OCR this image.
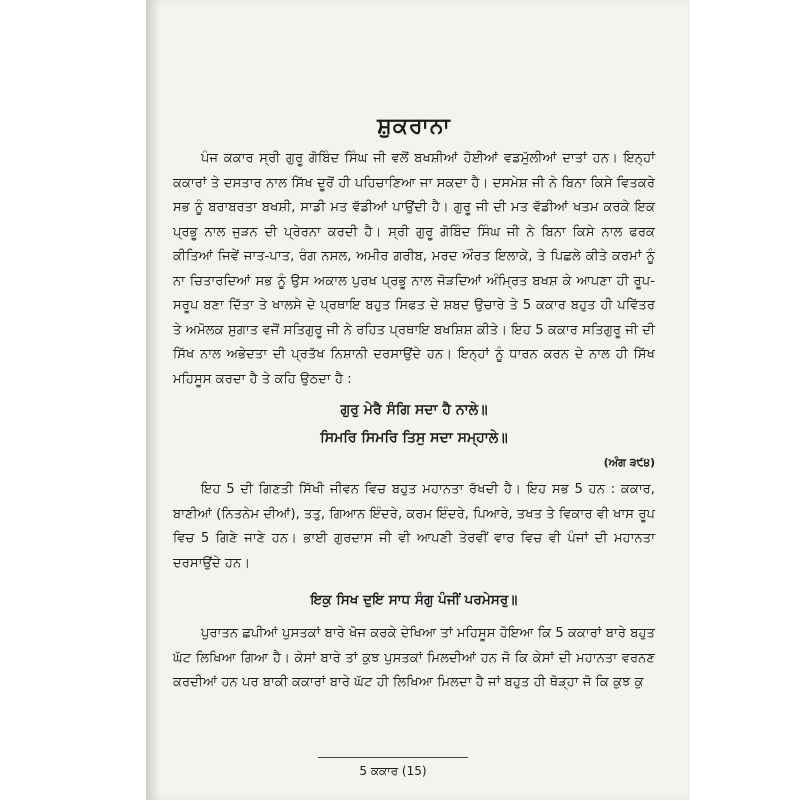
ਸ਼ੁਕਰਾਨਾ

ਪੰਜ ਕਕਾਰ ਸ੍ਰੀ ਗੁਰੂ ਗੋਬਿੰਦ ਸਿੰਘ ਜੀ ਵਲੋਂ ਬਖਸ਼ੀਆਂ ਹੋਈਆਂ ਵਡਮੁੱਲੀਆਂ ਦਾਤਾਂ ਹਨ। ਇਨ੍ਹਾਂ ਕਕਾਰਾਂ ਤੇ ਦਸਤਾਰ ਨਾਲ ਸਿੱਖ ਦੂਰੋਂ ਹੀ ਪਹਿਚਾਣਿਆ ਜਾ ਸਕਦਾ ਹੈ। ਦਸਮੇਸ਼ ਜੀ ਨੇ ਬਿਨਾ ਕਿਸੇ ਵਿਤਕਰੇ ਸਭ ਨੂੰ ਬਰਾਬਰਤਾ ਬਖਸ਼ੀ, ਸਾਡੀ ਮਤ ਵੱਡੀਆਂ ਪਾਉਂਦੀ ਹੈ। ਗੁਰੂ ਜੀ ਦੀ ਮਤ ਵੱਡੀਆਂ ਖਤਮ ਕਰਕੇ ਇਕ ਪ੍ਰਭੂ ਨਾਲ ਜੁੜਨ ਦੀ ਪ੍ਰੇਰਨਾ ਕਰਦੀ ਹੈ। ਸ੍ਰੀ ਗੁਰੂ ਗੋਬਿੰਦ ਸਿੰਘ ਜੀ ਨੇ ਬਿਨਾ ਕਿਸੇ ਨਾਲ ਫਰਕ ਕੀਤਿਆਂ ਜਿਵੇਂ ਜਾਤ-ਪਾਤ, ਰੰਗ ਨਸਲ, ਅਮੀਰ ਗਰੀਬ, ਮਰਦ ਔਰਤ ਇਲਾਕੇ, ਤੇ ਪਿਛਲੇ ਕੀਤੇ ਕਰਮਾਂ ਨੂੰ ਨਾ ਚਿਤਾਰਦਿਆਂ ਸਭ ਨੂੰ ਉਸ ਅਕਾਲ ਪੁਰਖ ਪ੍ਰਭੂ ਨਾਲ ਜੋੜਦਿਆਂ ਅੰਮ੍ਰਿਤ ਬਖਸ਼ ਕੇ ਆਪਣਾ ਹੀ ਰੂਪ-ਸਰੂਪ ਬਣਾ ਦਿੱਤਾ ਤੇ ਖਾਲਸੇ ਦੇ ਪ੍ਰਥਾਇ ਬਹੁਤ ਸਿਫਤ ਦੇ ਸ਼ਬਦ ਉਚਾਰੇ ਤੇ 5 ਕਕਾਰ ਬਹੁਤ ਹੀ ਪਵਿੱਤਰ ਤੇ ਅਮੋਲਕ ਸੁਗਾਤ ਵਜੋਂ ਸਤਿਗੁਰੂ ਜੀ ਨੇ ਰਹਿਤ ਪ੍ਰਥਾਇ ਬਖਸ਼ਿਸ਼ ਕੀਤੇ। ਇਹ 5 ਕਕਾਰ ਸਤਿਗੁਰੂ ਜੀ ਦੀ ਸਿੱਖ ਨਾਲ ਅਭੇਦਤਾ ਦੀ ਪ੍ਰਤੱਖ ਨਿਸ਼ਾਨੀ ਦਰਸਾਉਂਦੇ ਹਨ। ਇਨ੍ਹਾਂ ਨੂੰ ਧਾਰਨ ਕਰਨ ਦੇ ਨਾਲ ਹੀ ਸਿੱਖ ਮਹਿਸੂਸ ਕਰਦਾ ਹੈ ਤੇ ਕਹਿ ਉਠਦਾ ਹੈ :

ਗੁਰੁ ਮੇਰੈ ਸੰਗਿ ਸਦਾ ਹੈ ਨਾਲੇ॥

ਸਿਮਰਿ ਸਿਮਰਿ ਤਿਸੁ ਸਦਾ ਸਮ੍ਹਾਲੇ॥

(ਅੰਗ ੩੯੪)

ਇਹ 5 ਦੀ ਗਿਣਤੀ ਸਿੱਖੀ ਜੀਵਨ ਵਿਚ ਬਹੁਤ ਮਹਾਨਤਾ ਰੱਖਦੀ ਹੈ। ਇਹ ਸਭ 5 ਹਨ : ਕਕਾਰ, ਬਾਣੀਆਂ (ਨਿਤਨੇਮ ਦੀਆਂ), ਤਤੁ, ਗਿਆਨ ਇੰਦਰੇ, ਕਰਮ ਇੰਦਰੇ, ਪਿਆਰੇ, ਤਖਤ ਤੇ ਵਿਕਾਰ ਵੀ ਖਾਸ ਰੂਪ ਵਿਚ 5 ਗਿਣੇ ਜਾਣੇ ਹਨ। ਭਾਈ ਗੁਰਦਾਸ ਜੀ ਵੀ ਆਪਣੀ ਤੇਰਵੀਂ ਵਾਰ ਵਿਚ ਵੀ ਪੰਜਾਂ ਦੀ ਮਹਾਨਤਾ ਦਰਸਾਉਂਦੇ ਹਨ।

ਇਕੁ ਸਿਖ ਦੁਇ ਸਾਧ ਸੰਗੁ ਪੰਜੀਂ ਪਰਮੇਸਰੁ॥

ਪੁਰਾਤਨ ਛਪੀਆਂ ਪੁਸਤਕਾਂ ਬਾਰੇ ਖੋਜ ਕਰਕੇ ਦੇਖਿਆ ਤਾਂ ਮਹਿਸੂਸ ਹੋਇਆ ਕਿ 5 ਕਕਾਰਾਂ ਬਾਰੇ ਬਹੁਤ ਘੱਟ ਲਿਖਿਆ ਗਿਆ ਹੈ। ਕੇਸਾਂ ਬਾਰੇ ਤਾਂ ਕੁਝ ਪੁਸਤਕਾਂ ਮਿਲਦੀਆਂ ਹਨ ਜੋ ਕਿ ਕੇਸਾਂ ਦੀ ਮਹਾਨਤਾ ਵਰਨਣ ਕਰਦੀਆਂ ਹਨ ਪਰ ਬਾਕੀ ਕਕਾਰਾਂ ਬਾਰੇ ਘੱਟ ਹੀ ਲਿਖਿਆ ਮਿਲਦਾ ਹੈ ਜਾਂ ਬਹੁਤ ਹੀ ਥੋੜ੍ਹਾ ਜੋ ਕਿ ਕੁਝ ਕੁ

5 ਕਕਾਰ (15)
